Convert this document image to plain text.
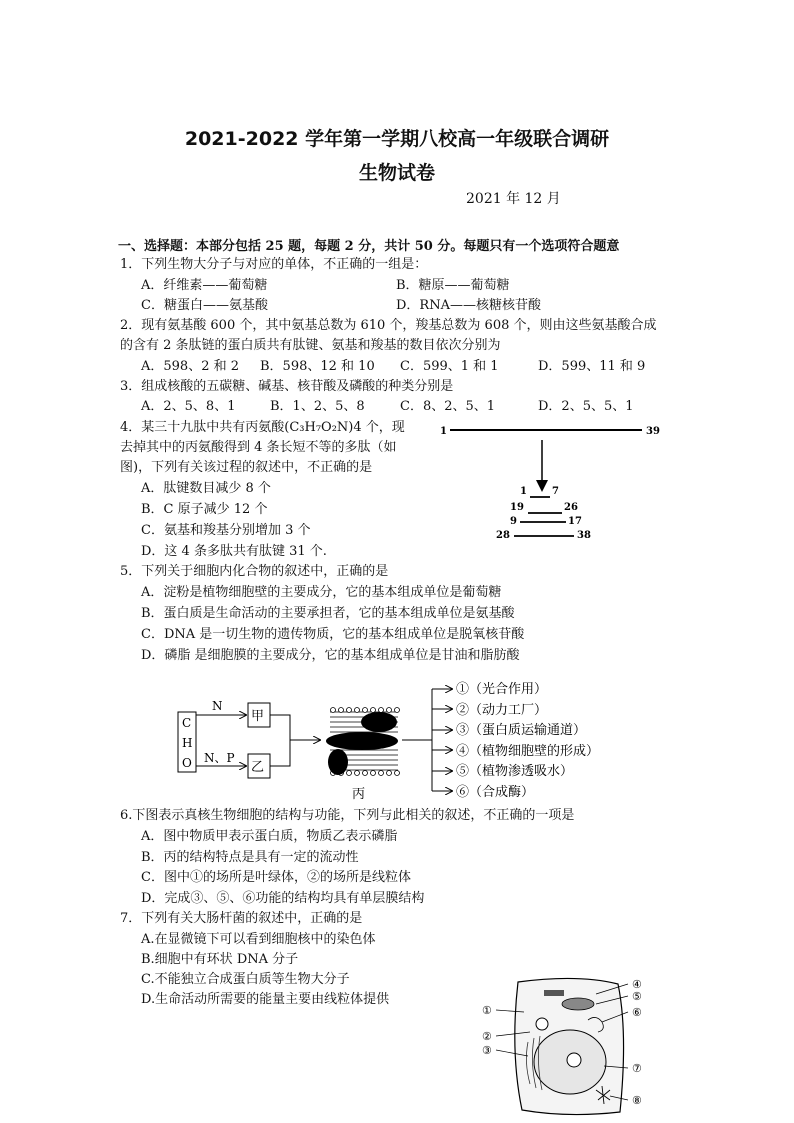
2021-2022 学年第一学期八校高一年级联合调研
生物试卷
2021 年 12 月
一、选择题：本部分包括 25 题，每题 2 分，共计 50 分。每题只有一个选项符合题意
1．下列生物大分子与对应的单体，不正确的一组是：
A．纤维素——葡萄糖	B．糖原——葡萄糖
C．糖蛋白——氨基酸	D．RNA——核糖核苷酸
2．现有氨基酸 600 个，其中氨基总数为 610 个，羧基总数为 608 个，则由这些氨基酸合成
的含有 2 条肽链的蛋白质共有肽键、氨基和羧基的数目依次分别为
A．598、2 和 2 B．598、12 和 10 C．599、1 和 1	D．599、11 和 9
3．组成核酸的五碳糖、碱基、核苷酸及磷酸的种类分别是
A．2、5、8、1	B．1、2、5、8	C．8、2、5、1	D．2、5、5、1
4．某三十九肽中共有丙氨酸(C₃H₇O₂N)4 个，现
去掉其中的丙氨酸得到 4 条长短不等的多肽（如
图)，下列有关该过程的叙述中，不正确的是
A．肽键数目减少 8 个
B．C 原子减少 12 个
C．氨基和羧基分别增加 3 个
D．这 4 条多肽共有肽键 31 个.
1	39
1	7
19	26
9	17
28	38
5．下列关于细胞内化合物的叙述中，正确的是
A．淀粉是植物细胞壁的主要成分，它的基本组成单位是葡萄糖
B．蛋白质是生命活动的主要承担者，它的基本组成单位是氨基酸
C．DNA 是一切生物的遗传物质，它的基本组成单位是脱氧核苷酸
D．磷脂 是细胞膜的主要成分，它的基本组成单位是甘油和脂肪酸
C
H
O
N
N、P
甲
乙
丙
①（光合作用）
②（动力工厂）
③（蛋白质运输通道）
④（植物细胞壁的形成）
⑤（植物渗透吸水）
⑥（合成酶）
6.下图表示真核生物细胞的结构与功能，下列与此相关的叙述，不正确的一项是
A．图中物质甲表示蛋白质，物质乙表示磷脂
B．丙的结构特点是具有一定的流动性
C．图中①的场所是叶绿体，②的场所是线粒体
D．完成③、⑤、⑥功能的结构均具有单层膜结构
7．下列有关大肠杆菌的叙述中，正确的是
A.在显微镜下可以看到细胞核中的染色体
B.细胞中有环状 DNA 分子
C.不能独立合成蛋白质等生物大分子
D.生命活动所需要的能量主要由线粒体提供
①
②
③
④
⑤
⑥
⑦
⑧
